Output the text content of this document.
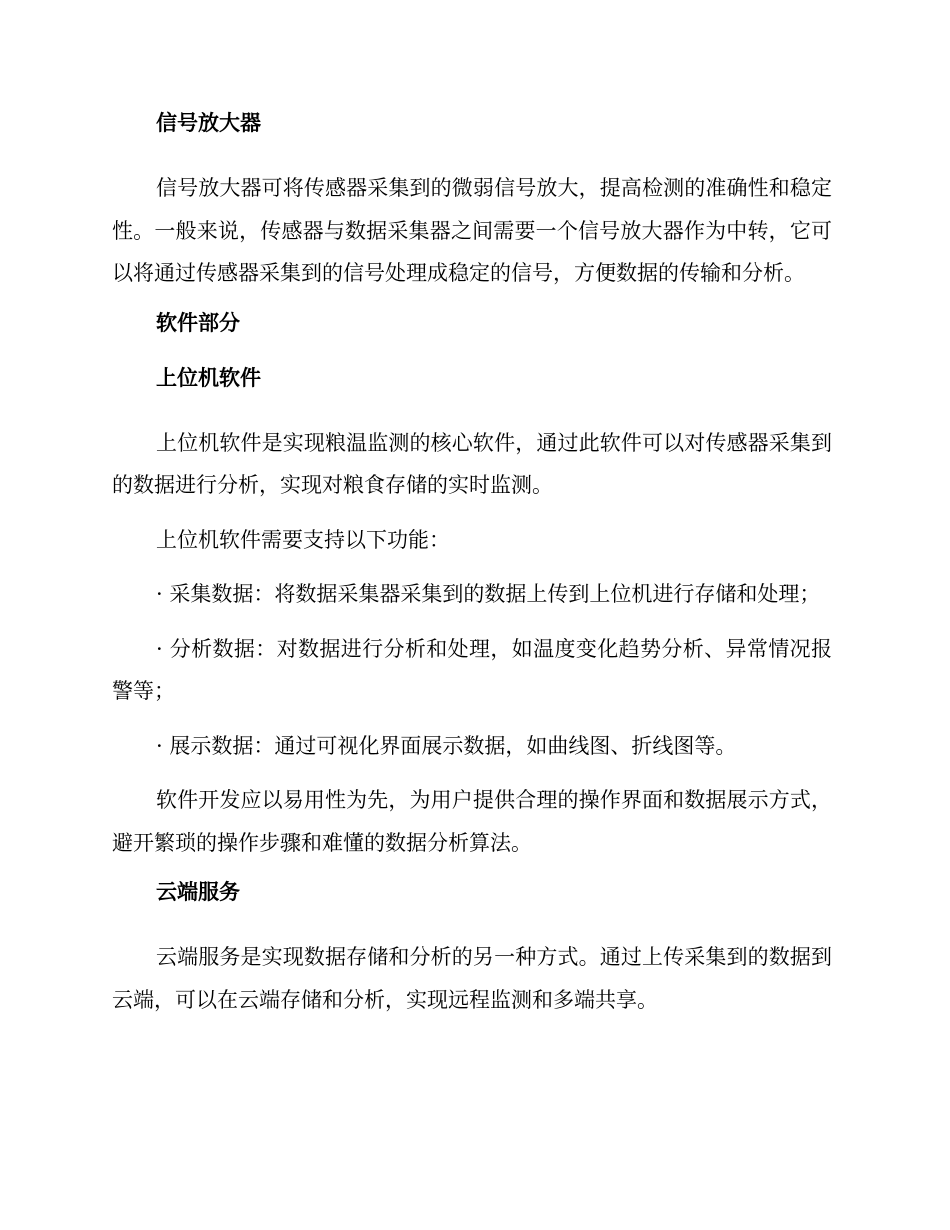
信号放大器

信号放大器可将传感器采集到的微弱信号放大，提高检测的准确性和稳定性。一般来说，传感器与数据采集器之间需要一个信号放大器作为中转，它可以将通过传感器采集到的信号处理成稳定的信号，方便数据的传输和分析。

软件部分
上位机软件

上位机软件是实现粮温监测的核心软件，通过此软件可以对传感器采集到的数据进行分析，实现对粮食存储的实时监测。

上位机软件需要支持以下功能：

· 采集数据：将数据采集器采集到的数据上传到上位机进行存储和处理；

· 分析数据：对数据进行分析和处理，如温度变化趋势分析、异常情况报警等；

· 展示数据：通过可视化界面展示数据，如曲线图、折线图等。

软件开发应以易用性为先，为用户提供合理的操作界面和数据展示方式，避开繁琐的操作步骤和难懂的数据分析算法。

云端服务

云端服务是实现数据存储和分析的另一种方式。通过上传采集到的数据到云端，可以在云端存储和分析，实现远程监测和多端共享。
